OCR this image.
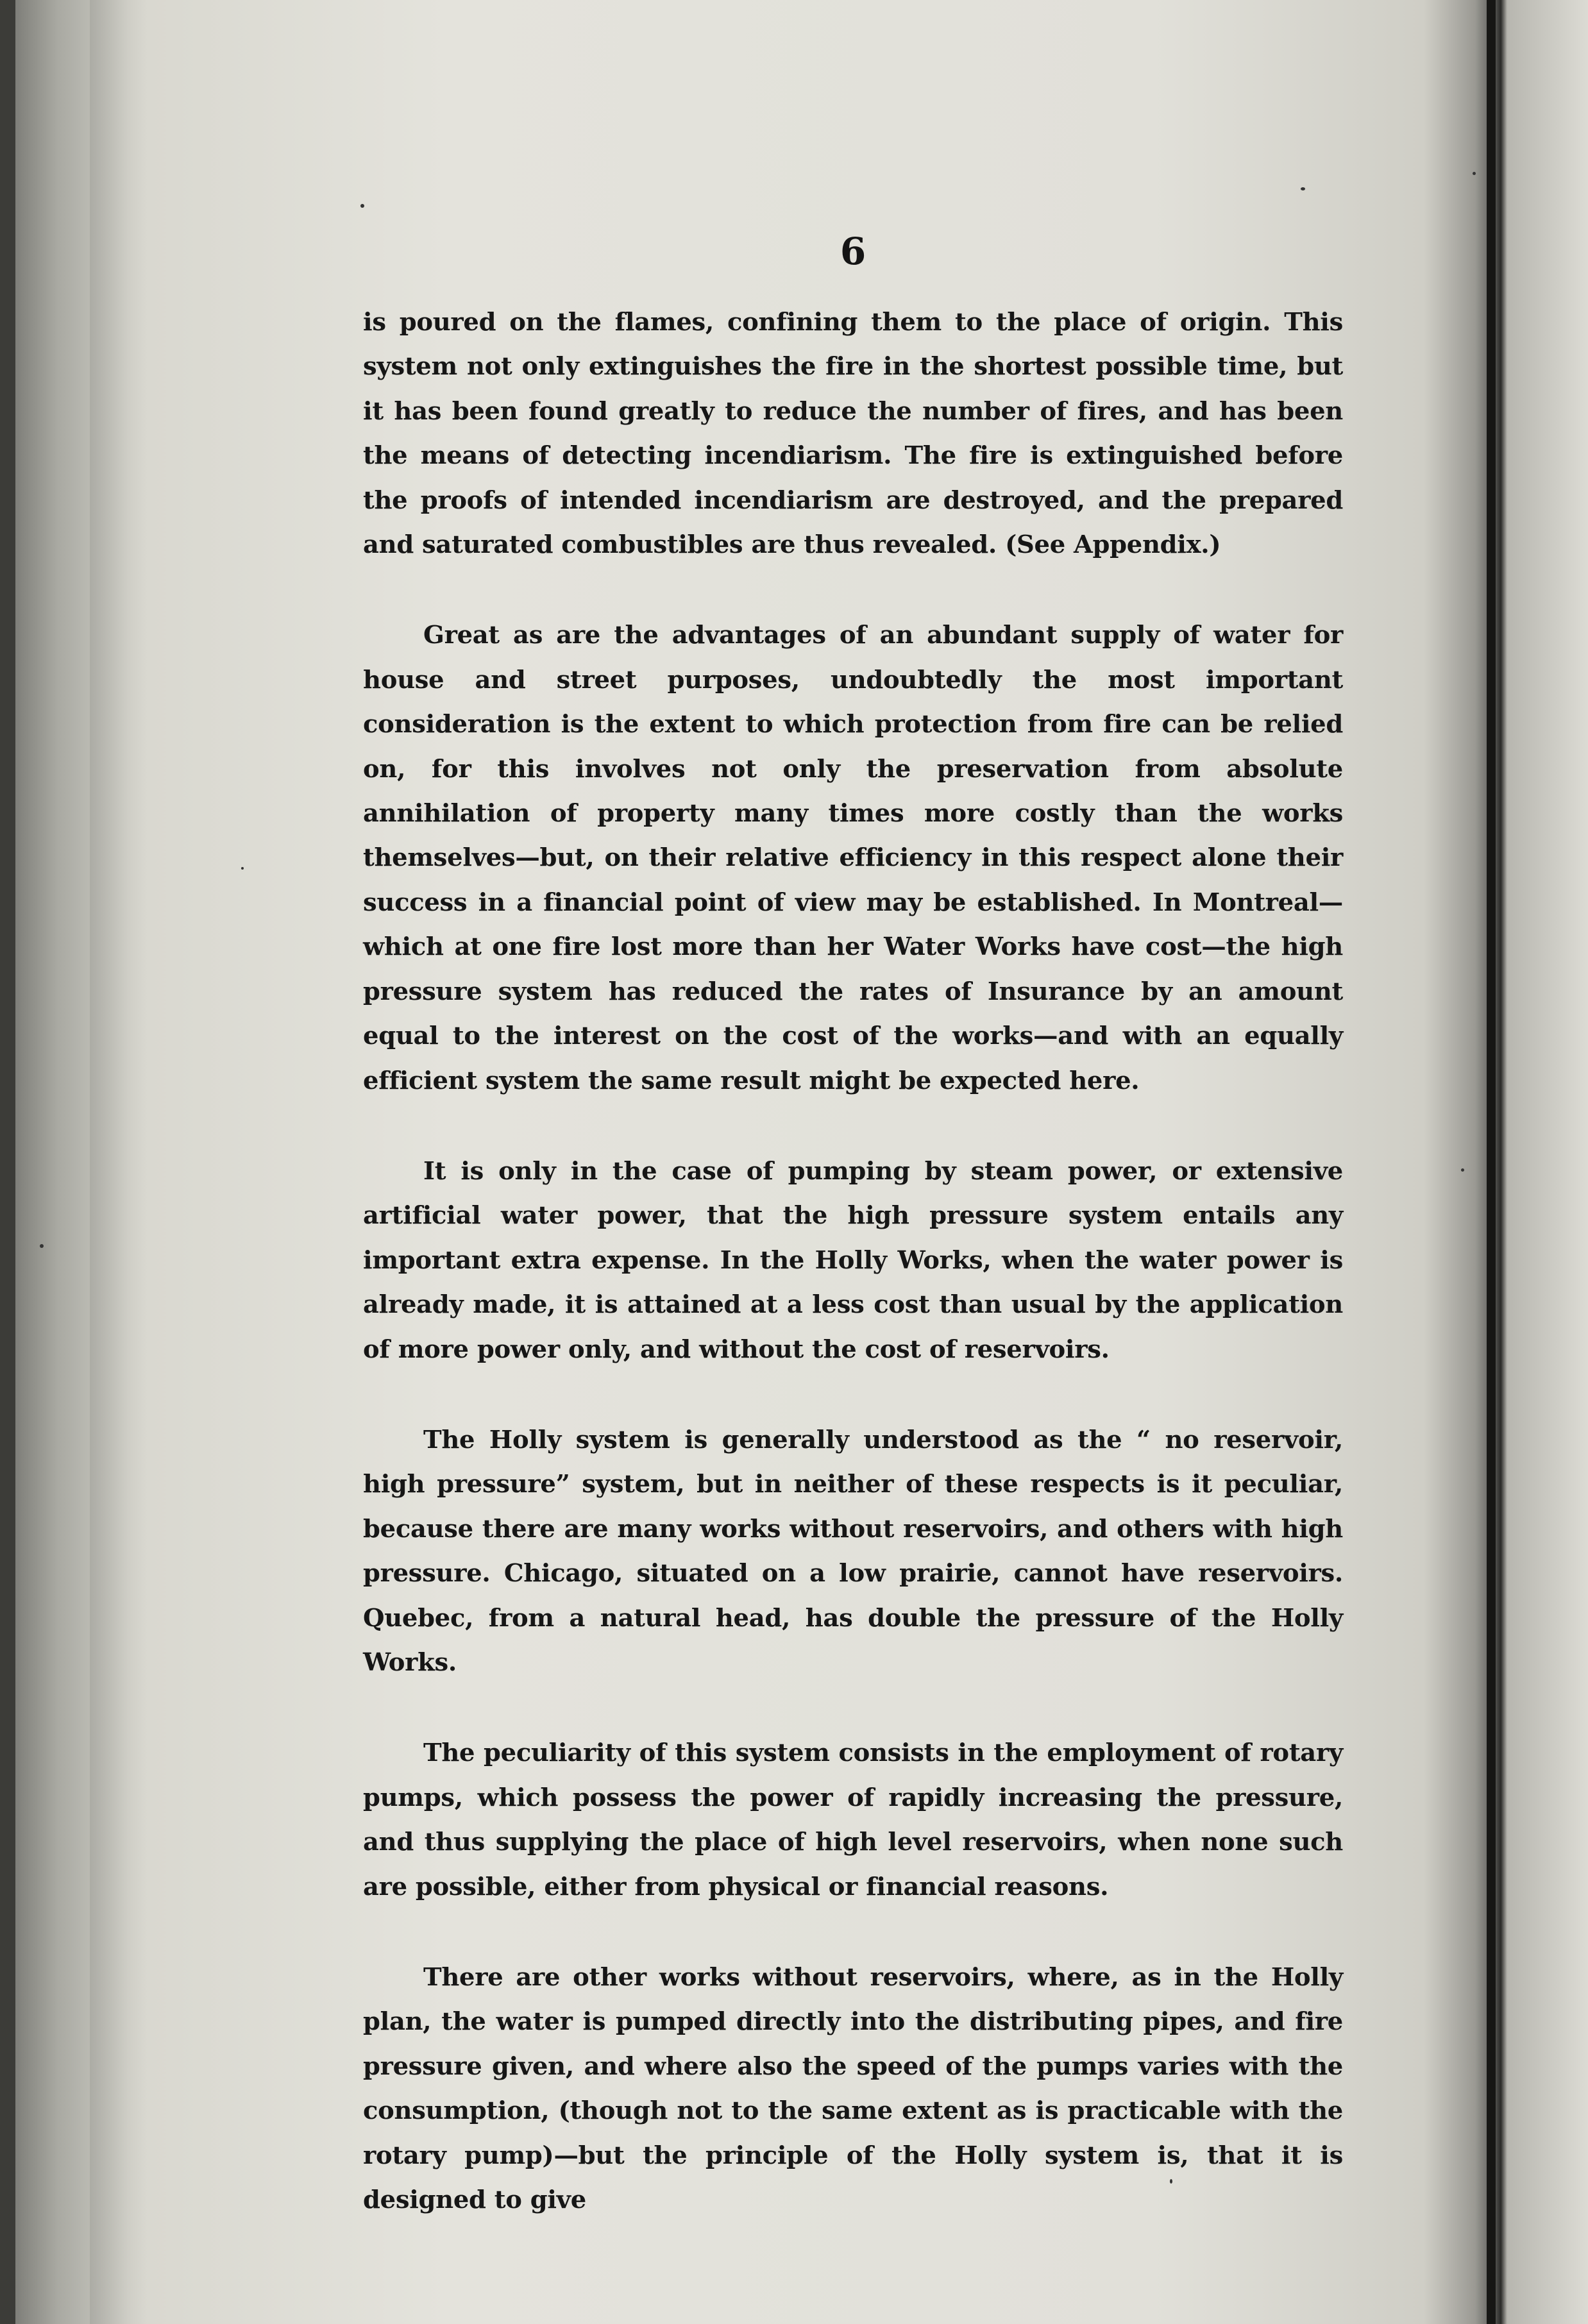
6

is poured on the flames, confining them to the place of origin. This system not only extinguishes the fire in the shortest possible time, but it has been found greatly to reduce the number of fires, and has been the means of detecting incendiarism. The fire is extinguished before the proofs of intended incendiarism are destroyed, and the prepared and saturated combustibles are thus revealed. (See Appendix.)

Great as are the advantages of an abundant supply of water for house and street purposes, undoubtedly the most important consideration is the extent to which protection from fire can be relied on, for this involves not only the preservation from absolute annihilation of property many times more costly than the works themselves—but, on their relative efficiency in this respect alone their success in a financial point of view may be established. In Montreal—which at one fire lost more than her Water Works have cost—the high pressure system has reduced the rates of Insurance by an amount equal to the interest on the cost of the works—and with an equally efficient system the same result might be expected here.

It is only in the case of pumping by steam power, or extensive artificial water power, that the high pressure system entails any important extra expense. In the Holly Works, when the water power is already made, it is attained at a less cost than usual by the application of more power only, and without the cost of reservoirs.

The Holly system is generally understood as the “ no reservoir, high pressure” system, but in neither of these respects is it peculiar, because there are many works without reservoirs, and others with high pressure. Chicago, situated on a low prairie, cannot have reservoirs. Quebec, from a natural head, has double the pressure of the Holly Works.

The peculiarity of this system consists in the employment of rotary pumps, which possess the power of rapidly increasing the pressure, and thus supplying the place of high level reservoirs, when none such are possible, either from physical or financial reasons.

There are other works without reservoirs, where, as in the Holly plan, the water is pumped directly into the distributing pipes, and fire pressure given, and where also the speed of the pumps varies with the consumption, (though not to the same extent as is practicable with the rotary pump)—but the principle of the Holly system is, that it is designed to give
